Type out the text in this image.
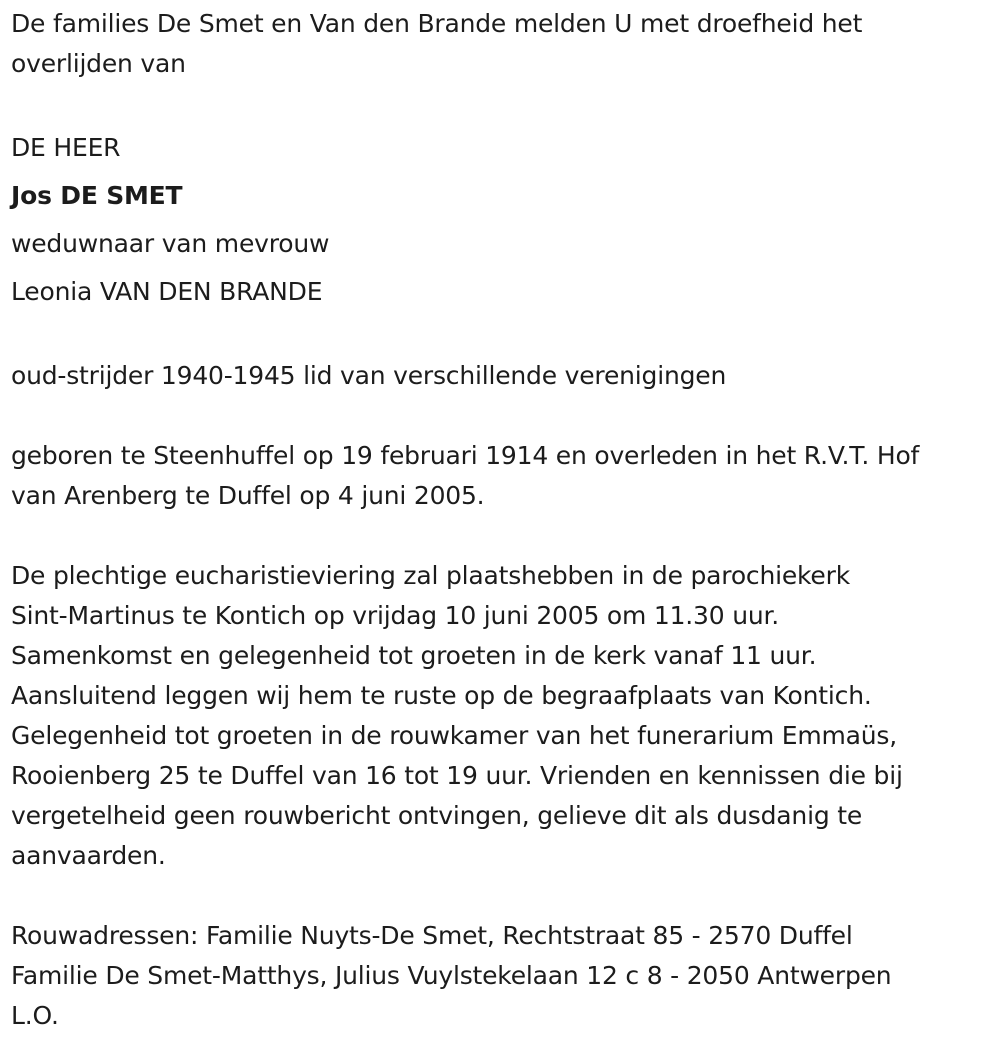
De families De Smet en Van den Brande melden U met droefheid het
overlijden van
DE HEER
Jos DE SMET
weduwnaar van mevrouw
Leonia VAN DEN BRANDE
oud-strijder 1940-1945 lid van verschillende verenigingen
geboren te Steenhuffel op 19 februari 1914 en overleden in het R.V.T. Hof
van Arenberg te Duffel op 4 juni 2005.
De plechtige eucharistieviering zal plaatshebben in de parochiekerk
Sint-Martinus te Kontich op vrijdag 10 juni 2005 om 11.30 uur.
Samenkomst en gelegenheid tot groeten in de kerk vanaf 11 uur.
Aansluitend leggen wij hem te ruste op de begraafplaats van Kontich.
Gelegenheid tot groeten in de rouwkamer van het funerarium Emmaüs,
Rooienberg 25 te Duffel van 16 tot 19 uur. Vrienden en kennissen die bij
vergetelheid geen rouwbericht ontvingen, gelieve dit als dusdanig te
aanvaarden.
Rouwadressen: Familie Nuyts-De Smet, Rechtstraat 85 - 2570 Duffel
Familie De Smet-Matthys, Julius Vuylstekelaan 12 c 8 - 2050 Antwerpen
L.O.
